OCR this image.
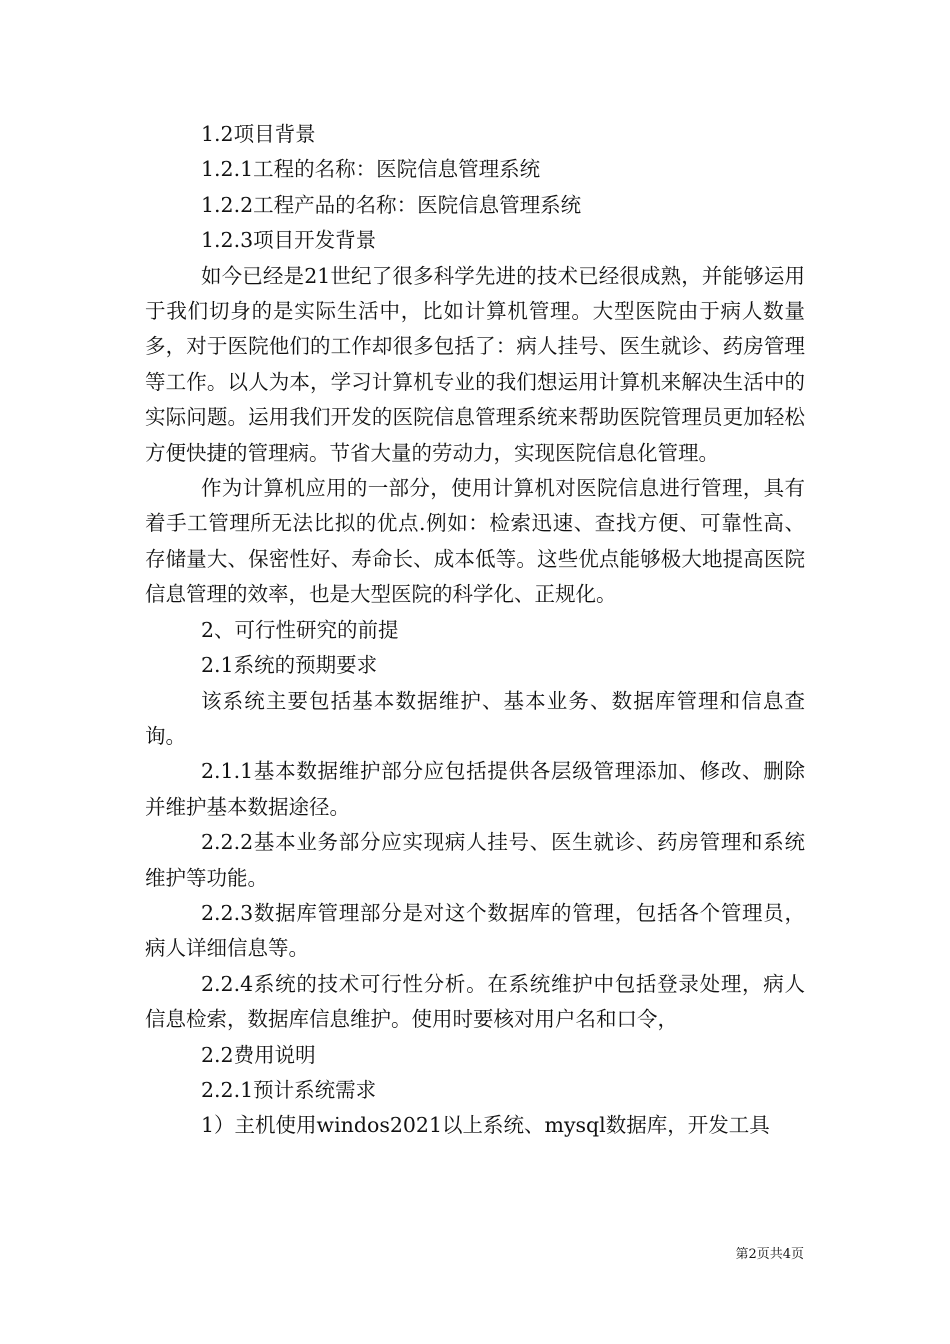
1.2项目背景

1.2.1工程的名称：医院信息管理系统

1.2.2工程产品的名称：医院信息管理系统

1.2.3项目开发背景

如今已经是21世纪了很多科学先进的技术已经很成熟，并能够运用于我们切身的是实际生活中，比如计算机管理。大型医院由于病人数量多，对于医院他们的工作却很多包括了：病人挂号、医生就诊、药房管理等工作。以人为本，学习计算机专业的我们想运用计算机来解决生活中的实际问题。运用我们开发的医院信息管理系统来帮助医院管理员更加轻松方便快捷的管理病。节省大量的劳动力，实现医院信息化管理。

作为计算机应用的一部分，使用计算机对医院信息进行管理，具有着手工管理所无法比拟的优点.例如：检索迅速、查找方便、可靠性高、存储量大、保密性好、寿命长、成本低等。这些优点能够极大地提高医院信息管理的效率，也是大型医院的科学化、正规化。

2、可行性研究的前提

2.1系统的预期要求

该系统主要包括基本数据维护、基本业务、数据库管理和信息查询。

2.1.1基本数据维护部分应包括提供各层级管理添加、修改、删除并维护基本数据途径。

2.2.2基本业务部分应实现病人挂号、医生就诊、药房管理和系统维护等功能。

2.2.3数据库管理部分是对这个数据库的管理，包括各个管理员，病人详细信息等。

2.2.4系统的技术可行性分析。在系统维护中包括登录处理，病人信息检索，数据库信息维护。使用时要核对用户名和口令，

2.2费用说明

2.2.1预计系统需求

1）主机使用windos2021以上系统、mysql数据库，开发工具

第2页共4页
